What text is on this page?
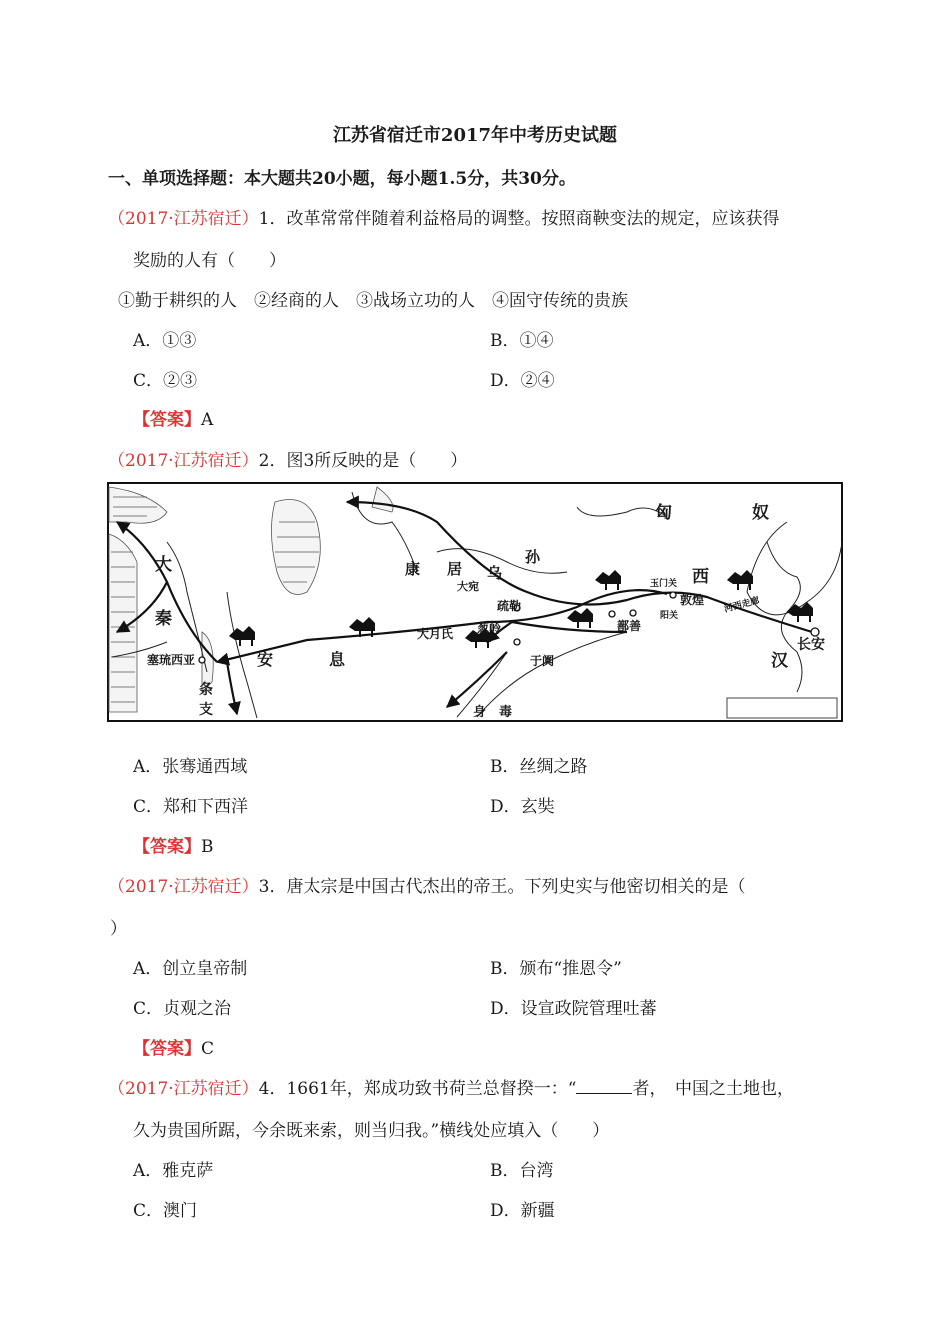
江苏省宿迁市2017年中考历史试题
一、单项选择题：本大题共20小题，每小题1.5分，共30分。
（2017·江苏宿迁）1．改革常常伴随着利益格局的调整。按照商鞅变法的规定，应该获得
奖励的人有（　　）
①勤于耕织的人　②经商的人　③战场立功的人　④固守传统的贵族
A．①③	B．①④
C．②③	D．②④
【答案】A
（2017·江苏宿迁）2．图3所反映的是（　　）
匈	奴
大
秦
康 居 乌
孙
大宛
疏勒
大月氏 葱岭
玉门关
敦煌
阳关
河西走廊
西
汉
长安
鄯善
于阗
安	息
塞琉西亚
条
支	身 毒
A．张骞通西域	B．丝绸之路
C．郑和下西洋	D．玄奘
【答案】B
（2017·江苏宿迁）3．唐太宗是中国古代杰出的帝王。下列史实与他密切相关的是（
）
A．创立皇帝制	B．颁布“推恩令”
C．贞观之治	D．设宣政院管理吐蕃
【答案】C
（2017·江苏宿迁）4．1661年，郑成功致书荷兰总督揆一：“	者，　中国之土地也，
久为贵国所踞，今余既来索，则当归我。”横线处应填入（　　）
A．雅克萨	B．台湾
C．澳门	D．新疆
